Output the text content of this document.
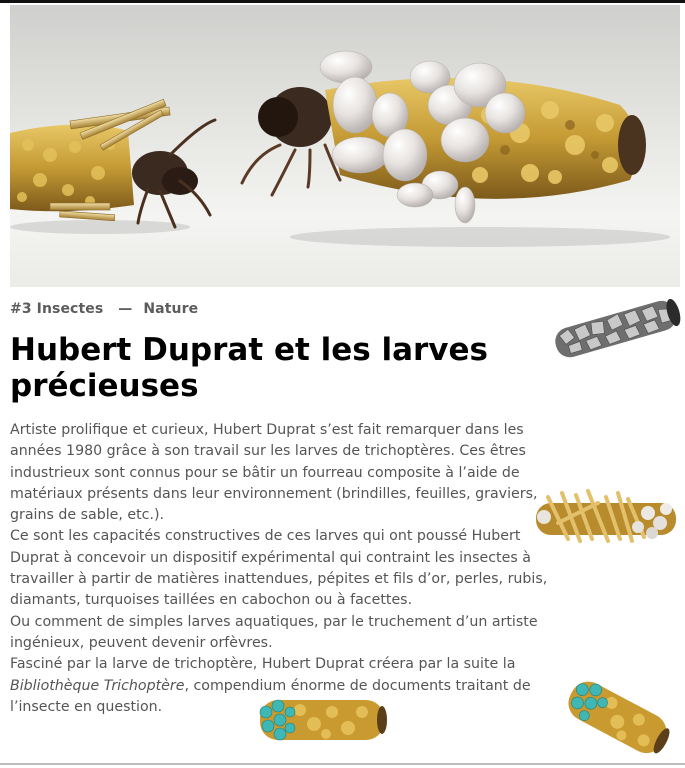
#3 Insectes — Nature
Hubert Duprat et les larves précieuses

Artiste prolifique et curieux, Hubert Duprat s’est fait remarquer dans les années 1980 grâce à son travail sur les larves de trichoptères. Ces êtres industrieux sont connus pour se bâtir un fourreau composite à l’aide de matériaux présents dans leur environnement (brindilles, feuilles, graviers, grains de sable, etc.).

Ce sont les capacités constructives de ces larves qui ont poussé Hubert Duprat à concevoir un dispositif expérimental qui contraint les insectes à travailler à partir de matières inattendues, pépites et fils d’or, perles, rubis, diamants, turquoises taillées en cabochon ou à facettes.

Ou comment de simples larves aquatiques, par le truchement d’un artiste ingénieux, peuvent devenir orfèvres.

Fasciné par la larve de trichoptère, Hubert Duprat créera par la suite la Bibliothèque Trichoptère, compendium énorme de documents traitant de l’insecte en question.
